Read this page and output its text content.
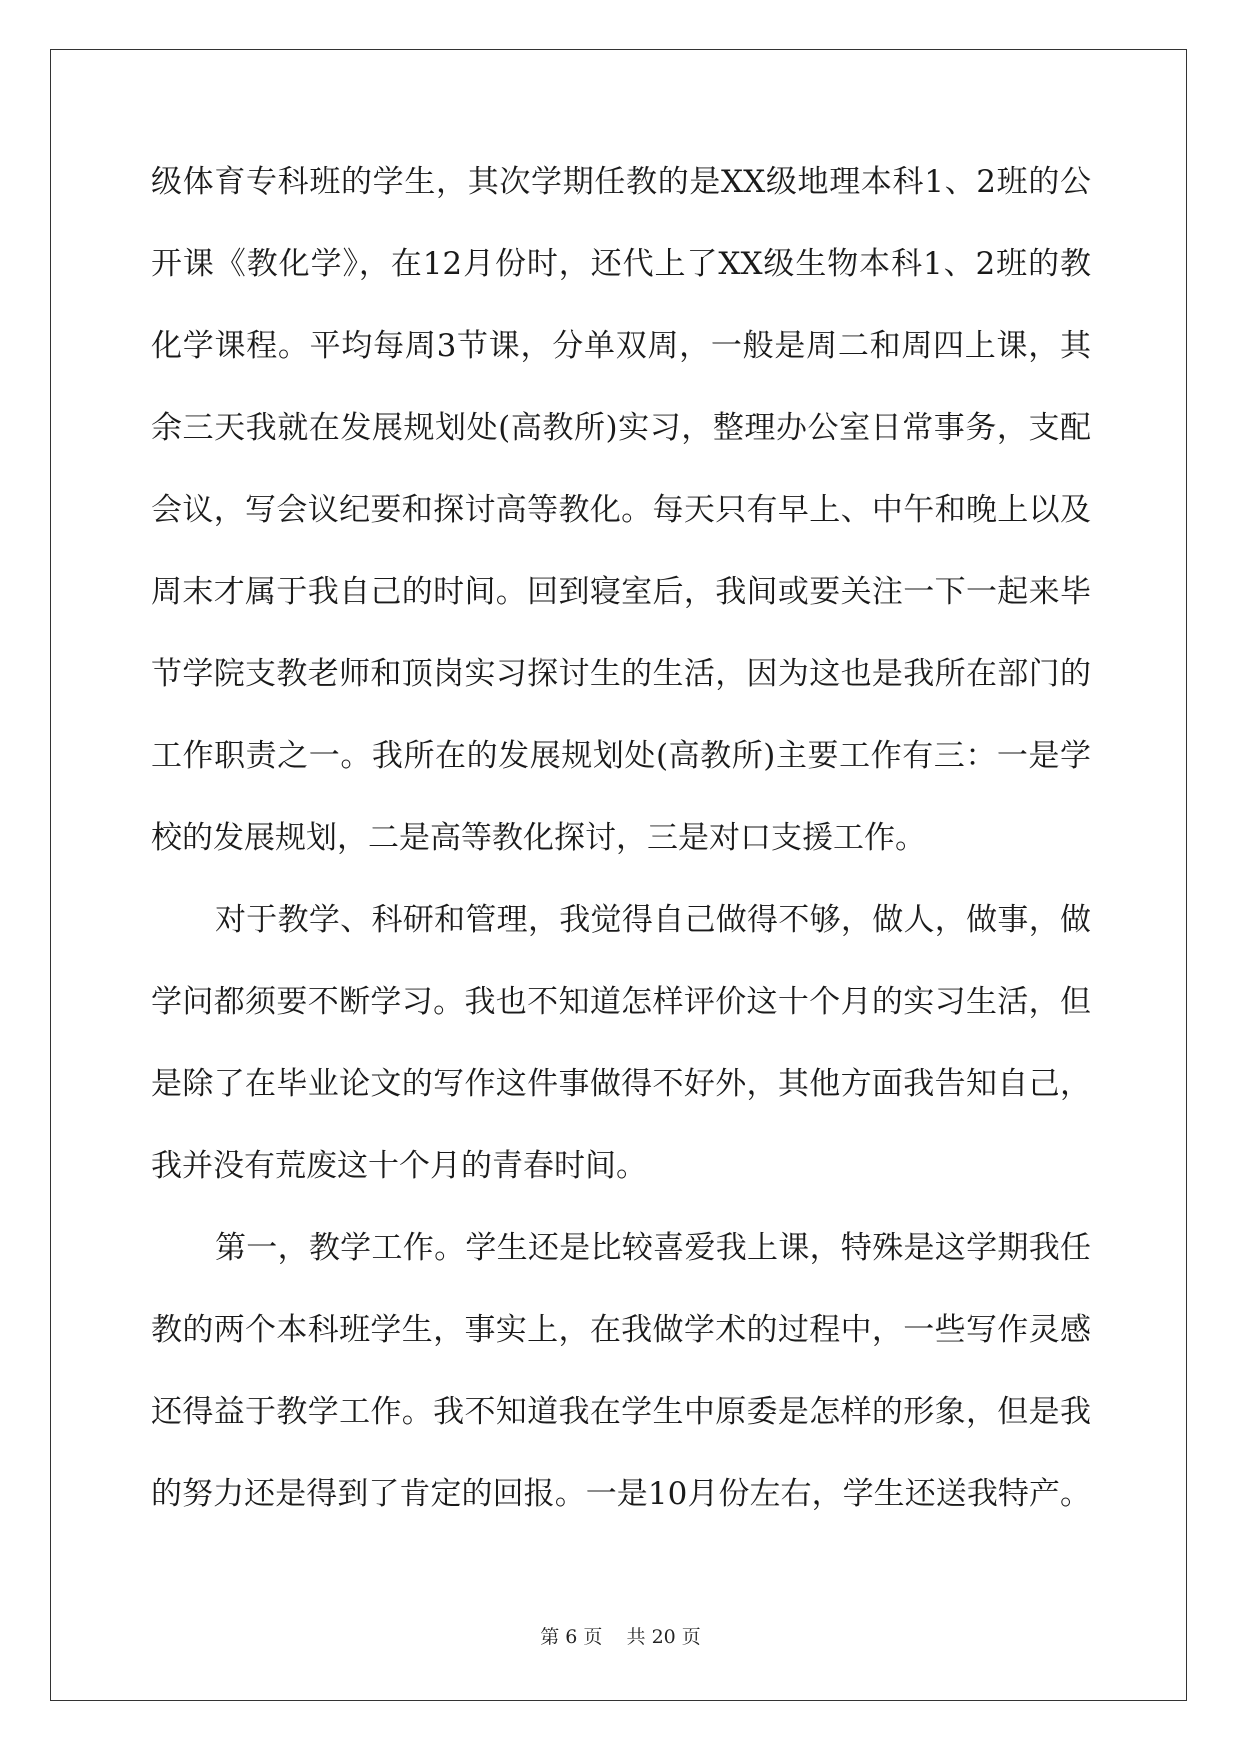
级体育专科班的学生，其次学期任教的是XX级地理本科1、2班的公
开课《教化学》，在12月份时，还代上了XX级生物本科1、2班的教
化学课程。平均每周3节课，分单双周，一般是周二和周四上课，其
余三天我就在发展规划处(高教所)实习，整理办公室日常事务，支配
会议，写会议纪要和探讨高等教化。每天只有早上、中午和晚上以及
周末才属于我自己的时间。回到寝室后，我间或要关注一下一起来毕
节学院支教老师和顶岗实习探讨生的生活，因为这也是我所在部门的
工作职责之一。我所在的发展规划处(高教所)主要工作有三：一是学
校的发展规划，二是高等教化探讨，三是对口支援工作。
对于教学、科研和管理，我觉得自己做得不够，做人，做事，做
学问都须要不断学习。我也不知道怎样评价这十个月的实习生活，但
是除了在毕业论文的写作这件事做得不好外，其他方面我告知自己，
我并没有荒废这十个月的青春时间。
第一，教学工作。学生还是比较喜爱我上课，特殊是这学期我任
教的两个本科班学生，事实上，在我做学术的过程中，一些写作灵感
还得益于教学工作。我不知道我在学生中原委是怎样的形象，但是我
的努力还是得到了肯定的回报。一是10月份左右，学生还送我特产。
第 6 页 共 20 页
